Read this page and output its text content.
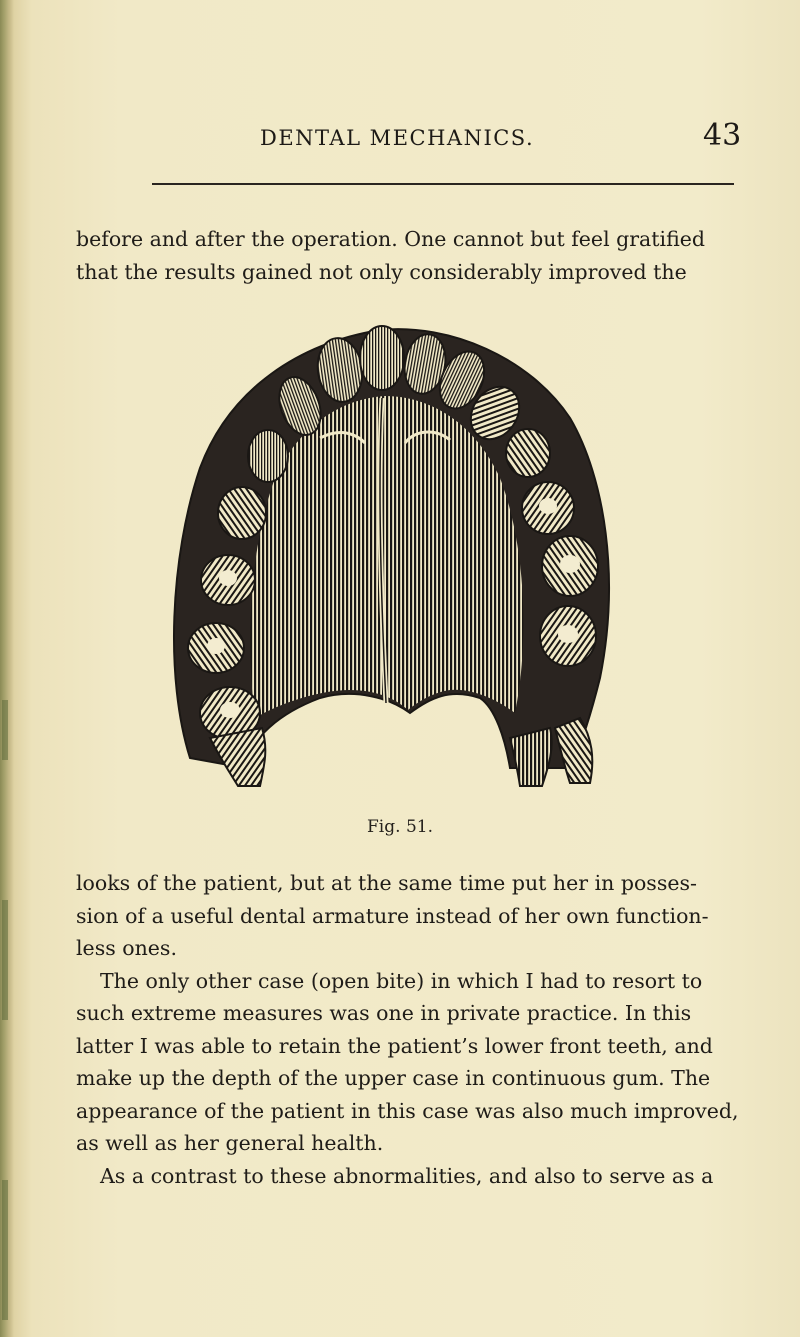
DENTAL MECHANICS.	43
before and after the operation. One cannot but feel gratified
that the results gained not only considerably improved the
Fig. 51.
looks of the patient, but at the same time put her in posses-
sion of a useful dental armature instead of her own function-
less ones.
The only other case (open bite) in which I had to resort to
such extreme measures was one in private practice. In this
latter I was able to retain the patient’s lower front teeth, and
make up the depth of the upper case in continuous gum. The
appearance of the patient in this case was also much improved,
as well as her general health.
As a contrast to these abnormalities, and also to serve as a
